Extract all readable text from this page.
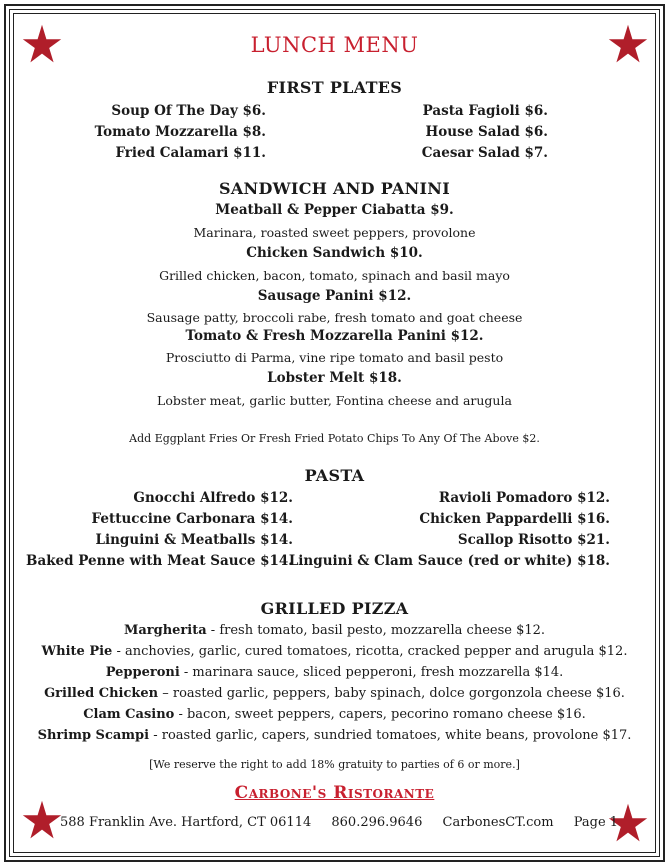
LUNCH MENU
FIRST PLATES
Soup Of The Day $6.
Tomato Mozzarella $8.
Fried Calamari $11.
Pasta Fagioli $6.
House Salad $6.
Caesar Salad $7.
SANDWICH AND PANINI
Meatball & Pepper Ciabatta $9.
Marinara, roasted sweet peppers, provolone
Chicken Sandwich $10.
Grilled chicken, bacon, tomato, spinach and basil mayo
Sausage Panini $12.
Sausage patty, broccoli rabe, fresh tomato and goat cheese
Tomato & Fresh Mozzarella Panini $12.
Prosciutto di Parma, vine ripe tomato and basil pesto
Lobster Melt $18.
Lobster meat, garlic butter, Fontina cheese and arugula
Add Eggplant Fries Or Fresh Fried Potato Chips To Any Of The Above $2.
PASTA
Gnocchi Alfredo $12.
Fettuccine Carbonara $14.
Linguini & Meatballs $14.
Baked Penne with Meat Sauce $14.
Ravioli Pomadoro $12.
Chicken Pappardelli $16.
Scallop Risotto $21.
Linguini & Clam Sauce (red or white) $18.
GRILLED PIZZA
Margherita - fresh tomato, basil pesto, mozzarella cheese $12.
White Pie - anchovies, garlic, cured tomatoes, ricotta, cracked pepper and arugula $12.
Pepperoni - marinara sauce, sliced pepperoni, fresh mozzarella $14.
Grilled Chicken – roasted garlic, peppers, baby spinach, dolce gorgonzola cheese $16.
Clam Casino - bacon, sweet peppers, capers, pecorino romano cheese $16.
Shrimp Scampi - roasted garlic, capers, sundried tomatoes, white beans, provolone $17.
[We reserve the right to add 18% gratuity to parties of 6 or more.]
Carbone's Ristorante
588 Franklin Ave. Hartford, CT 06114 860.296.9646 CarbonesCT.com Page 1
